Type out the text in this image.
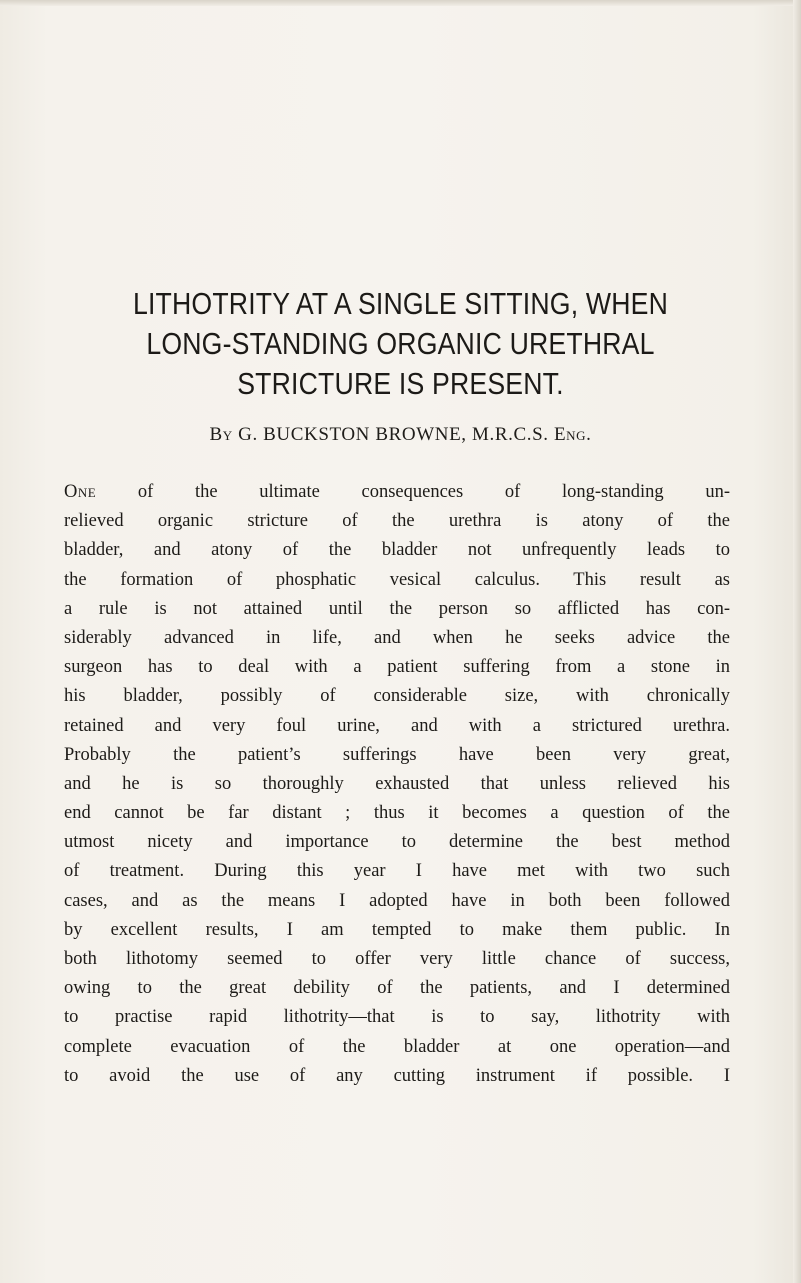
LITHOTRITY AT A SINGLE SITTING, WHEN
LONG-STANDING ORGANIC URETHRAL
STRICTURE IS PRESENT.
By G. BUCKSTON BROWNE, M.R.C.S. Eng.
One of the ultimate consequences of long-standing un-
relieved organic stricture of the urethra is atony of the
bladder, and atony of the bladder not unfrequently leads to
the formation of phosphatic vesical calculus. This result as
a rule is not attained until the person so afflicted has con-
siderably advanced in life, and when he seeks advice the
surgeon has to deal with a patient suffering from a stone in
his bladder, possibly of considerable size, with chronically
retained and very foul urine, and with a strictured urethra.
Probably the patient’s sufferings have been very great,
and he is so thoroughly exhausted that unless relieved his
end cannot be far distant ; thus it becomes a question of the
utmost nicety and importance to determine the best method
of treatment. During this year I have met with two such
cases, and as the means I adopted have in both been followed
by excellent results, I am tempted to make them public. In
both lithotomy seemed to offer very little chance of success,
owing to the great debility of the patients, and I determined
to practise rapid lithotrity—that is to say, lithotrity with
complete evacuation of the bladder at one operation—and
to avoid the use of any cutting instrument if possible. I
